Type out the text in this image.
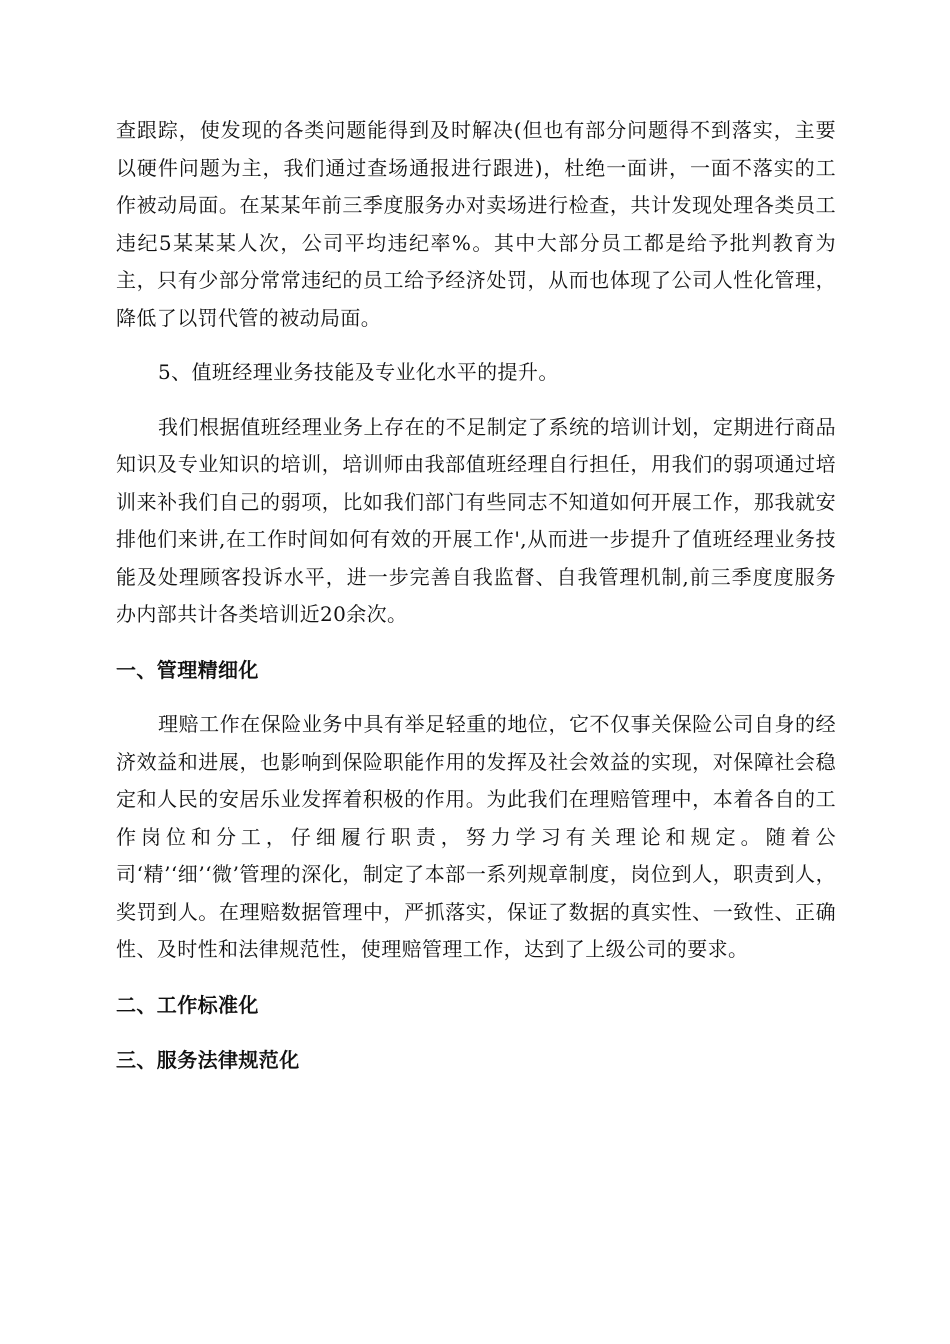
查跟踪，使发现的各类问题能得到及时解决(但也有部分问题得不到落实，主要以硬件问题为主，我们通过查场通报进行跟进)，杜绝一面讲，一面不落实的工作被动局面。在某某年前三季度服务办对卖场进行检查，共计发现处理各类员工违纪5某某某人次，公司平均违纪率%。其中大部分员工都是给予批判教育为主，只有少部分常常违纪的员工给予经济处罚，从而也体现了公司人性化管理，降低了以罚代管的被动局面。

5、值班经理业务技能及专业化水平的提升。

我们根据值班经理业务上存在的不足制定了系统的培训计划，定期进行商品知识及专业知识的培训，培训师由我部值班经理自行担任，用我们的弱项通过培训来补我们自己的弱项，比如我们部门有些同志不知道如何开展工作，那我就安排他们来讲,在工作时间如何有效的开展工作',从而进一步提升了值班经理业务技能及处理顾客投诉水平，进一步完善自我监督、自我管理机制,前三季度度服务办内部共计各类培训近20余次。

一、管理精细化

理赔工作在保险业务中具有举足轻重的地位，它不仅事关保险公司自身的经济效益和进展，也影响到保险职能作用的发挥及社会效益的实现，对保障社会稳定和人民的安居乐业发挥着积极的作用。为此我们在理赔管理中，本着各自的工作岗位和分工，仔细履行职责，努力学习有关理论和规定。随着公司‘精’‘细’‘微’管理的深化，制定了本部一系列规章制度，岗位到人，职责到人，奖罚到人。在理赔数据管理中，严抓落实，保证了数据的真实性、一致性、正确性、及时性和法律规范性，使理赔管理工作，达到了上级公司的要求。

二、工作标准化
三、服务法律规范化
